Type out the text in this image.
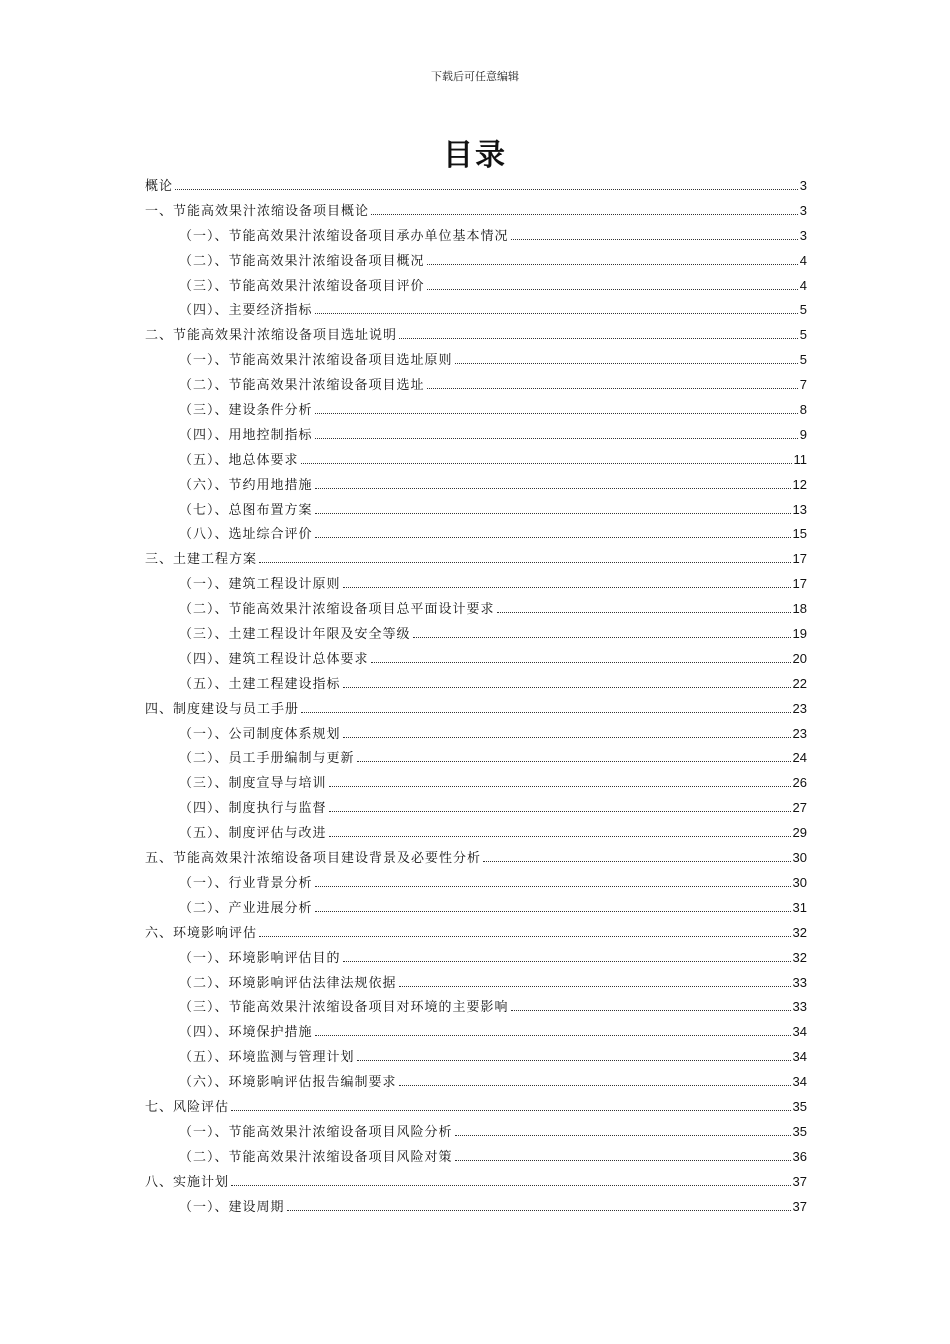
下载后可任意编辑
目录
概论	3
一、节能高效果汁浓缩设备项目概论	3
（一）、节能高效果汁浓缩设备项目承办单位基本情况	3
（二）、节能高效果汁浓缩设备项目概况	4
（三）、节能高效果汁浓缩设备项目评价	4
（四）、主要经济指标	5
二、节能高效果汁浓缩设备项目选址说明	5
（一）、节能高效果汁浓缩设备项目选址原则	5
（二）、节能高效果汁浓缩设备项目选址	7
（三）、建设条件分析	8
（四）、用地控制指标	9
（五）、地总体要求	11
（六）、节约用地措施	12
（七）、总图布置方案	13
（八）、选址综合评价	15
三、土建工程方案	17
（一）、建筑工程设计原则	17
（二）、节能高效果汁浓缩设备项目总平面设计要求	18
（三）、土建工程设计年限及安全等级	19
（四）、建筑工程设计总体要求	20
（五）、土建工程建设指标	22
四、制度建设与员工手册	23
（一）、公司制度体系规划	23
（二）、员工手册编制与更新	24
（三）、制度宣导与培训	26
（四）、制度执行与监督	27
（五）、制度评估与改进	29
五、节能高效果汁浓缩设备项目建设背景及必要性分析	30
（一）、行业背景分析	30
（二）、产业进展分析	31
六、环境影响评估	32
（一）、环境影响评估目的	32
（二）、环境影响评估法律法规依据	33
（三）、节能高效果汁浓缩设备项目对环境的主要影响	33
（四）、环境保护措施	34
（五）、环境监测与管理计划	34
（六）、环境影响评估报告编制要求	34
七、风险评估	35
（一）、节能高效果汁浓缩设备项目风险分析	35
（二）、节能高效果汁浓缩设备项目风险对策	36
八、实施计划	37
（一）、建设周期	37
